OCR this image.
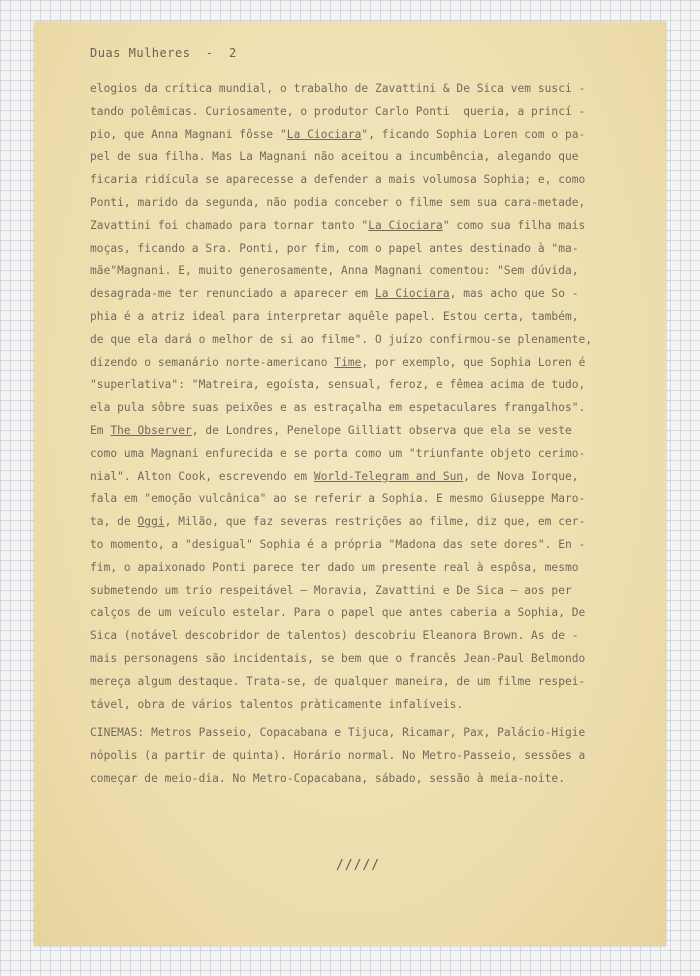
Duas Mulheres  -  2
elogios da crítica mundial, o trabalho de Zavattini & De Sica vem susci -
tando polêmicas. Curiosamente, o produtor Carlo Ponti  queria, a princí -
pio, que Anna Magnani fôsse "La Ciociara", ficando Sophia Loren com o pa-
pel de sua filha. Mas La Magnani não aceitou a incumbência, alegando que
ficaria ridícula se aparecesse a defender a mais volumosa Sophia; e, como
Ponti, marido da segunda, não podia conceber o filme sem sua cara-metade,
Zavattini foi chamado para tornar tanto "La Ciociara" como sua filha mais
moças, ficando a Sra. Ponti, por fim, com o papel antes destinado à "ma-
mãe"Magnani. E, muito generosamente, Anna Magnani comentou: "Sem dúvida,
desagrada-me ter renunciado a aparecer em La Ciociara, mas acho que So -
phia é a atriz ideal para interpretar aquêle papel. Estou certa, também,
de que ela dará o melhor de si ao filme". O juízo confirmou-se plenamente,
dizendo o semanário norte-americano Time, por exemplo, que Sophia Loren é
"superlativa": "Matreira, egoísta, sensual, feroz, e fêmea acima de tudo,
ela pula sôbre suas peixões e as estraçalha em espetaculares frangalhos".
Em The Observer, de Londres, Penelope Gilliatt observa que ela se veste
como uma Magnani enfurecida e se porta como um "triunfante objeto cerimo-
nial". Alton Cook, escrevendo em World-Telegram and Sun, de Nova Iorque,
fala em "emoção vulcânica" ao se referir a Sophia. E mesmo Giuseppe Maro-
ta, de Oggi, Milão, que faz severas restrições ao filme, diz que, em cer-
to momento, a "desigual" Sophia é a própria "Madona das sete dores". En -
fim, o apaixonado Ponti parece ter dado um presente real à espôsa, mesmo
submetendo um trio respeitável — Moravia, Zavattini e De Sica — aos per
calços de um veículo estelar. Para o papel que antes caberia a Sophia, De
Sica (notável descobridor de talentos) descobriu Eleanora Brown. As de -
mais personagens são incidentais, se bem que o francês Jean-Paul Belmondo
mereça algum destaque. Trata-se, de qualquer maneira, de um filme respei-
tável, obra de vários talentos pràticamente infalíveis.
CINEMAS: Metros Passeio, Copacabana e Tijuca, Ricamar, Pax, Palácio-Higie
nópolis (a partir de quinta). Horário normal. No Metro-Passeio, sessões a
começar de meio-dia. No Metro-Copacabana, sábado, sessão à meia-noite.
/////
